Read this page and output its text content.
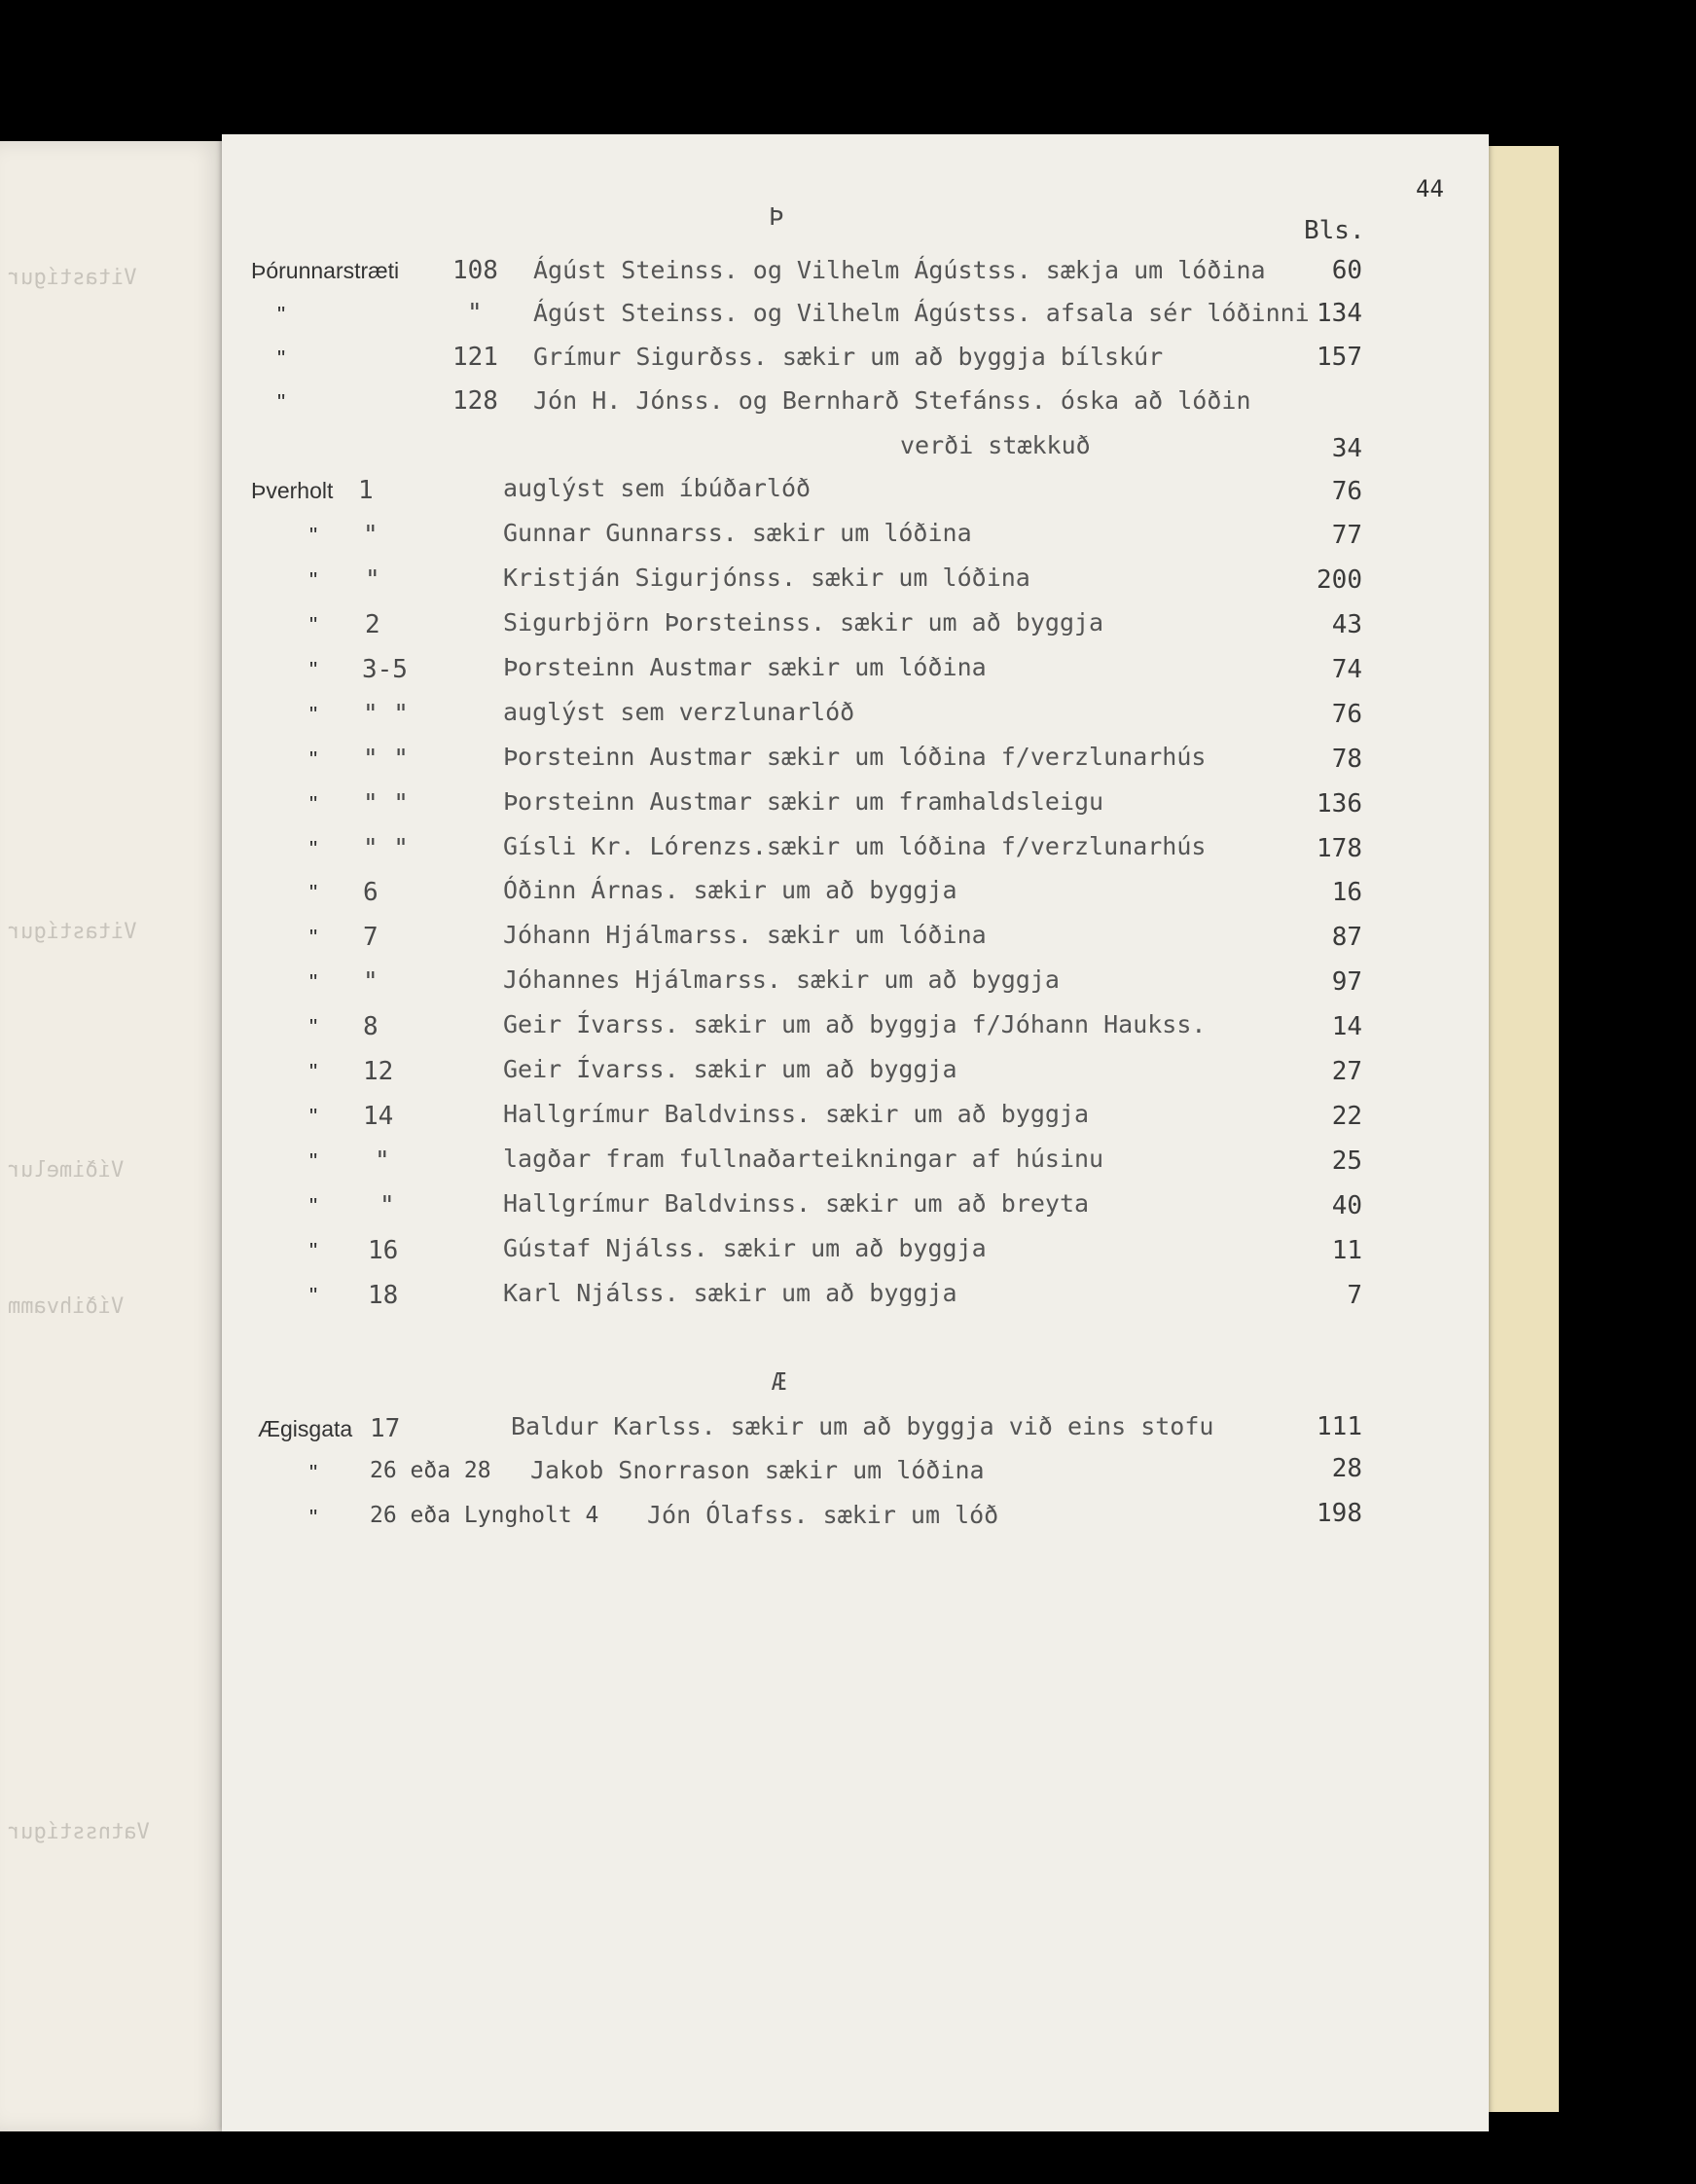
Vitastígur
Vitastígur
Víðimelur
Víðihvamm
Vatnsstígur
44
Þ	Bls.
Þórunnarstræti 108 Ágúst Steinss. og Vilhelm Ágústss. sækja um lóðina	60
"	" Ágúst Steinss. og Vilhelm Ágústss. afsala sér lóðinni 134
"	121 Grímur Sigurðss. sækir um að byggja bílskúr	157
"	128 Jón H. Jónss. og Bernharð Stefánss. óska að lóðin
verði stækkuð	34
Þverholt 1	auglýst sem íbúðarlóð	76
" "	Gunnar Gunnarss. sækir um lóðina	77
" "	Kristján Sigurjónss. sækir um lóðina	200
" 2	Sigurbjörn Þorsteinss. sækir um að byggja	43
" 3-5	Þorsteinn Austmar sækir um lóðina	74
" " "	auglýst sem verzlunarlóð	76
" " "	Þorsteinn Austmar sækir um lóðina f/verzlunarhús	78
" " "	Þorsteinn Austmar sækir um framhaldsleigu	136
" " "	Gísli Kr. Lórenzs.sækir um lóðina f/verzlunarhús	178
" 6	Óðinn Árnas. sækir um að byggja	16
" 7	Jóhann Hjálmarss. sækir um lóðina	87
" "	Jóhannes Hjálmarss. sækir um að byggja	97
" 8	Geir Ívarss. sækir um að byggja f/Jóhann Haukss.	14
" 12	Geir Ívarss. sækir um að byggja	27
" 14	Hallgrímur Baldvinss. sækir um að byggja	22
" "	lagðar fram fullnaðarteikningar af húsinu	25
" "	Hallgrímur Baldvinss. sækir um að breyta	40
" 16	Gústaf Njálss. sækir um að byggja	11
" 18	Karl Njálss. sækir um að byggja	7
Æ
Ægisgata 17	Baldur Karlss. sækir um að byggja við eins stofu	111
" 26 eða 28 Jakob Snorrason sækir um lóðina	28
" 26 eða Lyngholt 4 Jón Ólafss. sækir um lóð	198
